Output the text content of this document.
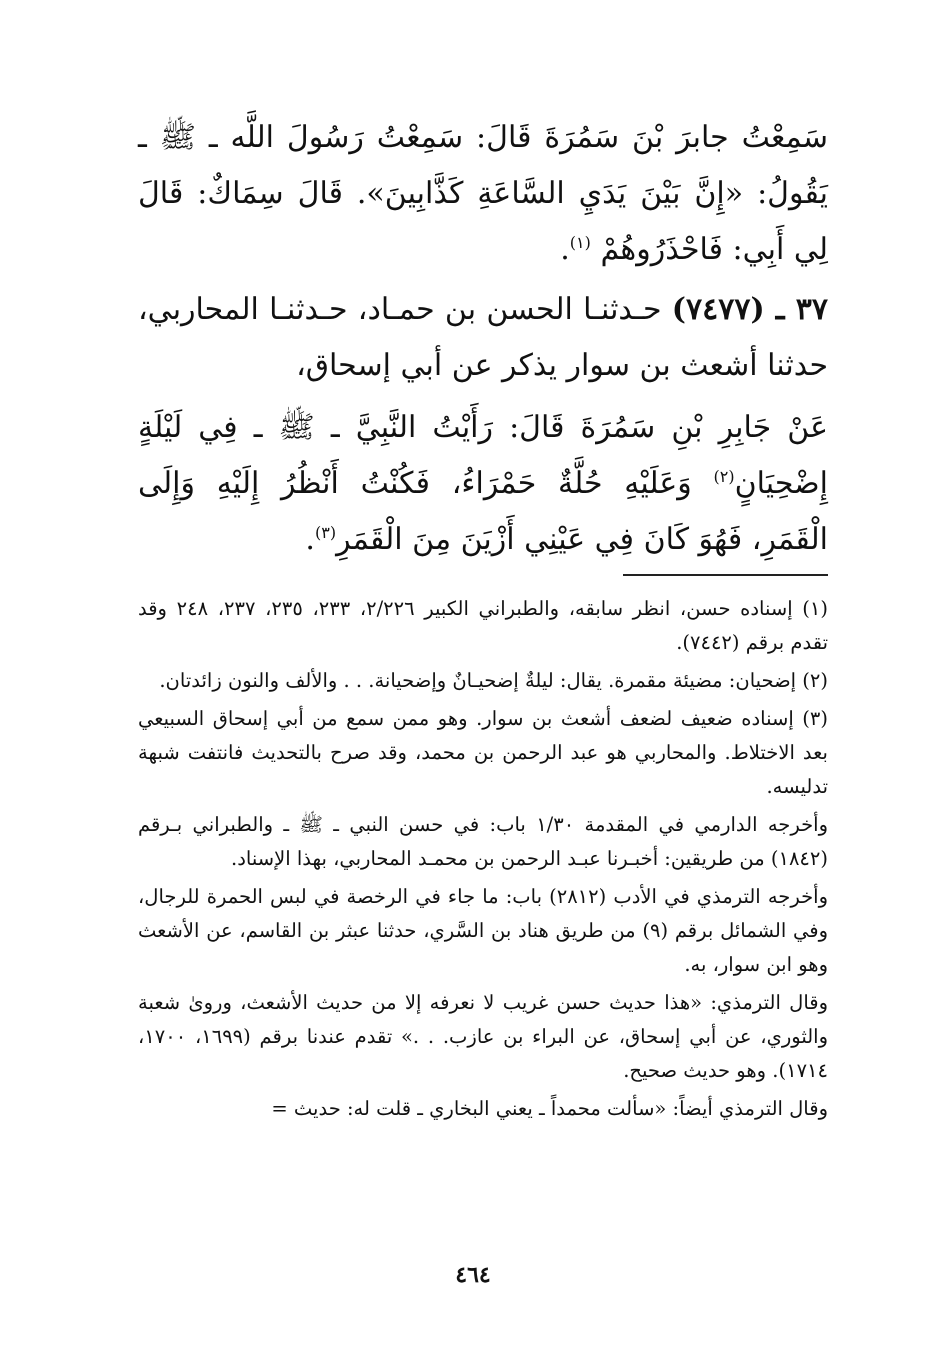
سَمِعْتُ جابرَ بْنَ سَمُرَةَ قَالَ: سَمِعْتُ رَسُولَ اللَّه ـ ﷺ ـ يَقُولُ: «إِنَّ بَيْنَ يَدَيِ السَّاعَةِ كَذَّابِينَ». قَالَ سِمَاكٌ: قَالَ لِي أَبِي: فَاحْذَرُوهُمْ $^{(١)}$.

٣٧ ـ (٧٤٧٧) حـدثنـا الحسن بن حمـاد، حـدثنـا المحاربي، حدثنا أشعث بن سوار يذكر عن أبي إسحاق،

عَنْ جَابِرِ بْنِ سَمُرَةَ قَالَ: رَأَيْتُ النَّبِيَّ ـ ﷺ ـ فِي لَيْلَةٍ إِضْحِيَانٍ$^{(٢)}$ وَعَلَيْهِ حُلَّةٌ حَمْرَاءُ، فَكُنْتُ أَنْظُرُ إِلَيْهِ وَإِلَى الْقَمَرِ، فَهُوَ كَانَ فِي عَيْنِي أَزْيَنَ مِنَ الْقَمَرِ$^{(٣)}$.

(١) إسناده حسن، انظر سابقه، والطبراني الكبير ٢/٢٢٦، ٢٣٣، ٢٣٥، ٢٣٧، ٢٤٨ وقد تقدم برقم (٧٤٤٢).

(٢) إضحيان: مضيئة مقمرة. يقال: ليلةٌ إضحيـانٌ وإضحيانة. . . والألف والنون زائدتان.

(٣) إسناده ضعيف لضعف أشعث بن سوار. وهو ممن سمع من أبي إسحاق السبيعي بعد الاختلاط. والمحاربي هو عبد الرحمن بن محمد، وقد صرح بالتحديث فانتفت شبهة تدليسه.

وأخرجه الدارمي في المقدمة ١/٣٠ باب: في حسن النبي ـ ﷺ ـ والطبراني بـرقم (١٨٤٢) من طريقين: أخبـرنا عبـد الرحمن بن محمـد المحاربي، بهذا الإسناد.

وأخرجه الترمذي في الأدب (٢٨١٢) باب: ما جاء في الرخصة في لبس الحمرة للرجال، وفي الشمائل برقم (٩) من طريق هناد بن السَّري، حدثنا عبثر بن القاسم، عن الأشعث وهو ابن سوار، به.

وقال الترمذي: «هذا حديث حسن غريب لا نعرفه إلا من حديث الأشعث، وروىٰ شعبة والثوري، عن أبي إسحاق، عن البراء بن عازب. . .» تقدم عندنا برقم (١٦٩٩، ١٧٠٠، ١٧١٤). وهو حديث صحيح.

وقال الترمذي أيضاً: «سألت محمداً ـ يعني البخاري ـ قلت له: حديث =

٤٦٤
